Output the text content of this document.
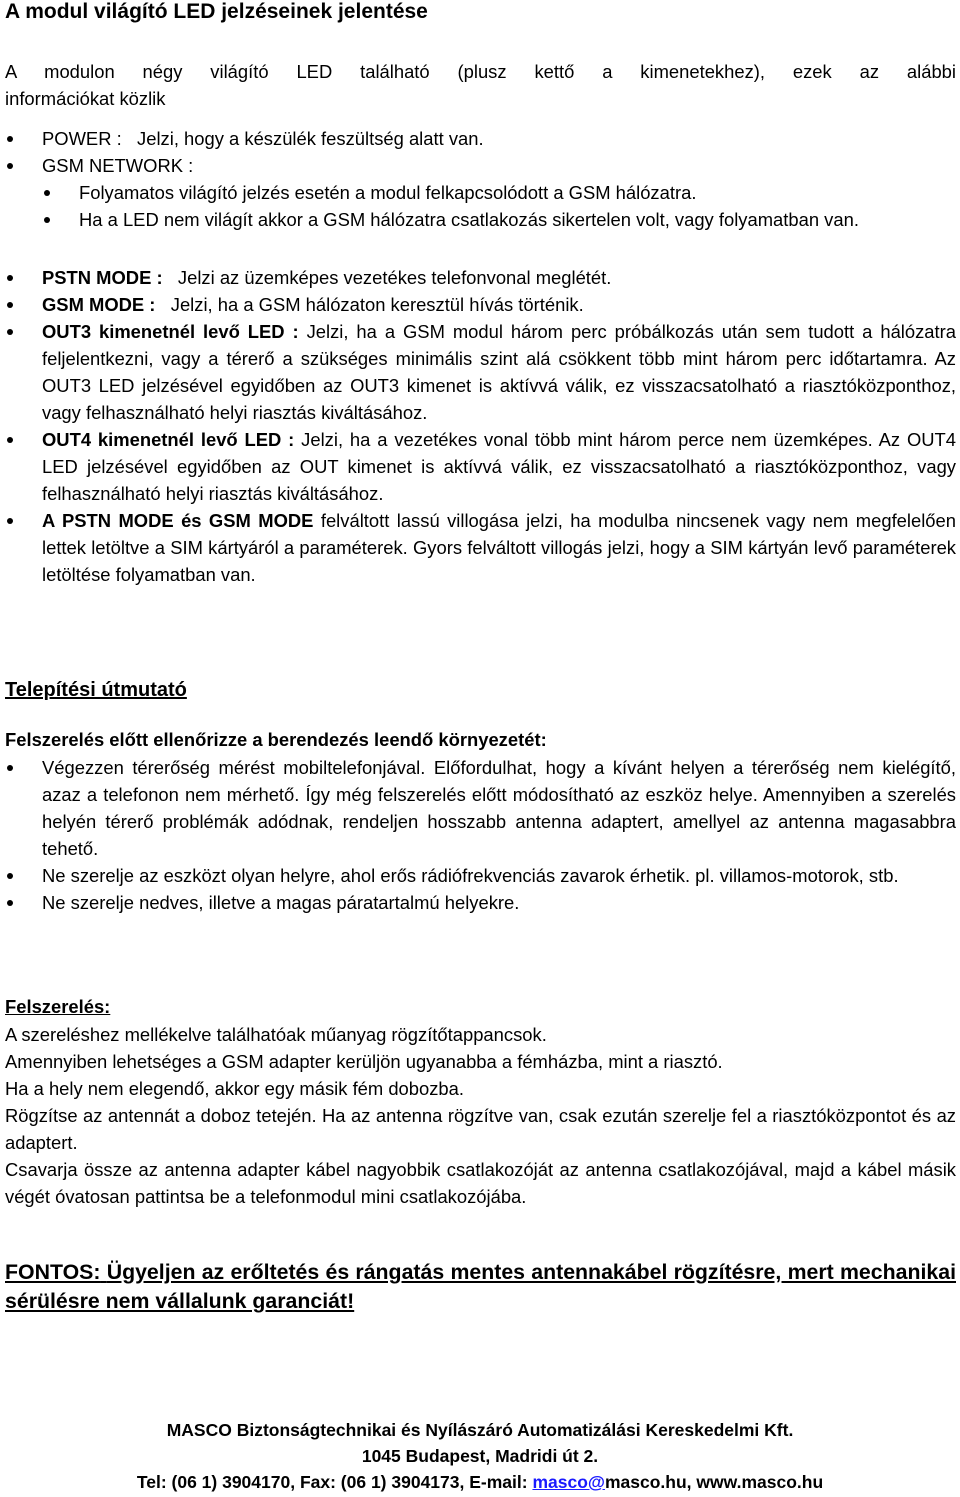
A modul világító LED jelzéseinek jelentése

A modulon négy világító LED található (plusz kettő a kimenetekhez), ezek az alábbi

információkat közlik

POWER : Jelzi, hogy a készülék feszültség alatt van.
GSM NETWORK :
Folyamatos világító jelzés esetén a modul felkapcsolódott a GSM hálózatra.
Ha a LED nem világít akkor a GSM hálózatra csatlakozás sikertelen volt, vagy folyamatban van.
PSTN MODE : Jelzi az üzemképes vezetékes telefonvonal meglétét.
GSM MODE : Jelzi, ha a GSM hálózaton keresztül hívás történik.
OUT3 kimenetnél levő LED : Jelzi, ha a GSM modul három perc próbálkozás után sem tudott a hálózatra feljelentkezni, vagy a térerő a szükséges minimális szint alá csökkent több mint három perc időtartamra. Az OUT3 LED jelzésével egyidőben az OUT3 kimenet is aktívvá válik, ez visszacsatolható a riasztóközponthoz, vagy felhasználható helyi riasztás kiváltásához.
OUT4 kimenetnél levő LED : Jelzi, ha a vezetékes vonal több mint három perce nem üzemképes. Az OUT4 LED jelzésével egyidőben az OUT kimenet is aktívvá válik, ez visszacsatolható a riasztóközponthoz, vagy felhasználható helyi riasztás kiváltásához.
A PSTN MODE és GSM MODE felváltott lassú villogása jelzi, ha modulba nincsenek vagy nem megfelelően lettek letöltve a SIM kártyáról a paraméterek. Gyors felváltott villogás jelzi, hogy a SIM kártyán levő paraméterek letöltése folyamatban van.
Telepítési útmutató
Felszerelés előtt ellenőrizze a berendezés leendő környezetét:
Végezzen térerőség mérést mobiltelefonjával. Előfordulhat, hogy a kívánt helyen a térerőség nem kielégítő, azaz a telefonon nem mérhető. Így még felszerelés előtt módosítható az eszköz helye. Amennyiben a szerelés helyén térerő problémák adódnak, rendeljen hosszabb antenna adaptert, amellyel az antenna magasabbra tehető.
Ne szerelje az eszközt olyan helyre, ahol erős rádiófrekvenciás zavarok érhetik. pl. villamos-motorok, stb.
Ne szerelje nedves, illetve a magas páratartalmú helyekre.
Felszerelés:

A szereléshez mellékelve találhatóak műanyag rögzítőtappancsok.

Amennyiben lehetséges a GSM adapter kerüljön ugyanabba a fémházba, mint a riasztó.

Ha a hely nem elegendő, akkor egy másik fém dobozba.

Rögzítse az antennát a doboz tetején. Ha az antenna rögzítve van, csak ezután szerelje fel a riasztóközpontot és az adaptert.

Csavarja össze az antenna adapter kábel nagyobbik csatlakozóját az antenna csatlakozójával, majd a kábel másik végét óvatosan pattintsa be a telefonmodul mini csatlakozójába.

FONTOS: Ügyeljen az erőltetés és rángatás mentes antennakábel rögzítésre, mert mechanikai sérülésre nem vállalunk garanciát!

MASCO Biztonságtechnikai és Nyílászáró Automatizálási Kereskedelmi Kft.
1045 Budapest, Madridi út 2.
Tel: (06 1) 3904170, Fax: (06 1) 3904173, E-mail: masco@masco.hu, www.masco.hu
